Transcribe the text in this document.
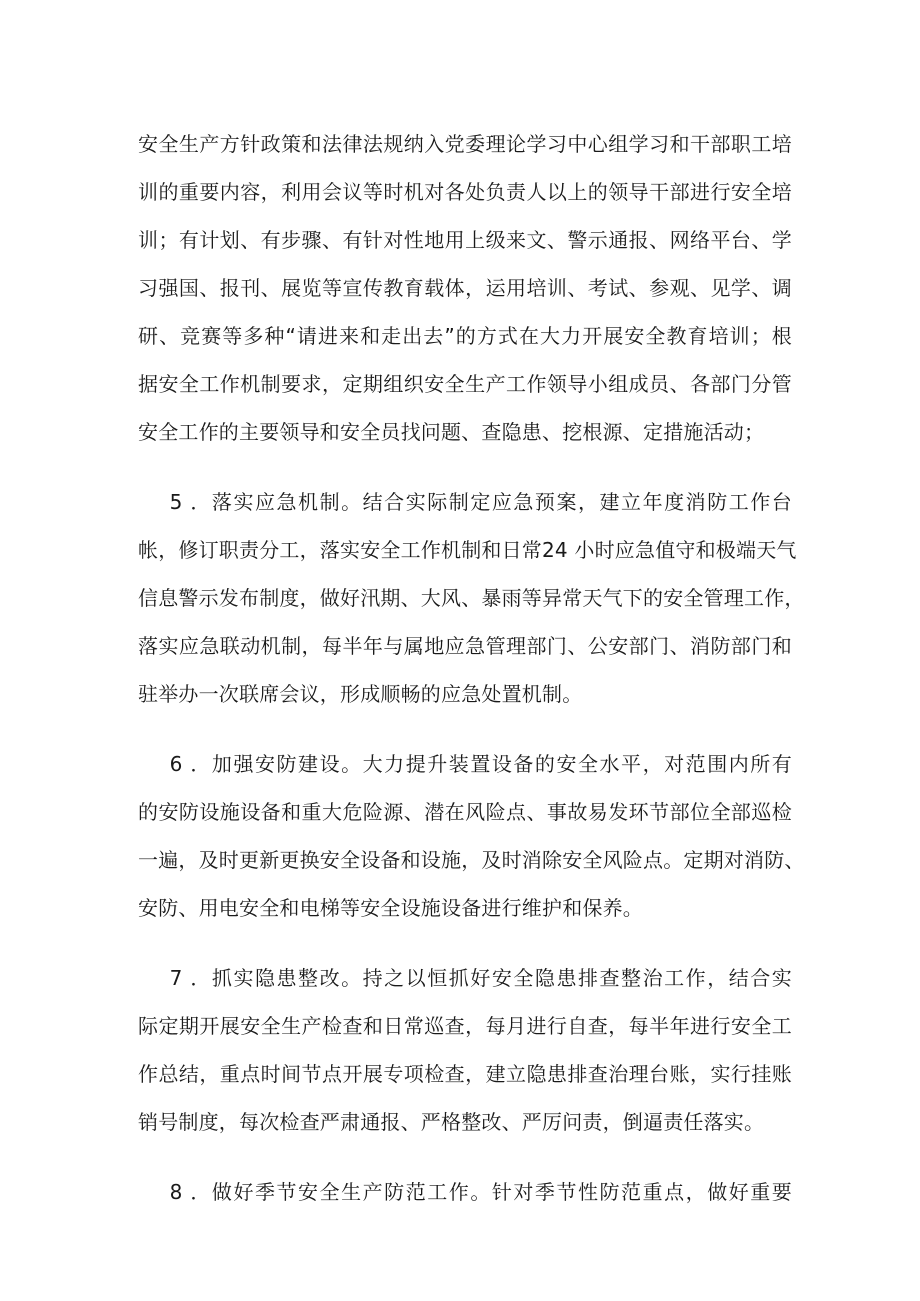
安全生产方针政策和法律法规纳入党委理论学习中心组学习和干部职工培
训的重要内容，利用会议等时机对各处负责人以上的领导干部进行安全培
训；有计划、有步骤、有针对性地用上级来文、警示通报、网络平台、学
习强国、报刊、展览等宣传教育载体，运用培训、考试、参观、见学、调
研、竞赛等多种“请进来和走出去”的方式在大力开展安全教育培训；根
据安全工作机制要求，定期组织安全生产工作领导小组成员、各部门分管
安全工作的主要领导和安全员找问题、查隐患、挖根源、定措施活动；
5 ．落实应急机制。结合实际制定应急预案，建立年度消防工作台
帐，修订职责分工，落实安全工作机制和日常24 小时应急值守和极端天气
信息警示发布制度，做好汛期、大风、暴雨等异常天气下的安全管理工作，
落实应急联动机制，每半年与属地应急管理部门、公安部门、消防部门和
驻举办一次联席会议，形成顺畅的应急处置机制。
6 ．加强安防建设。大力提升装置设备的安全水平，对范围内所有
的安防设施设备和重大危险源、潜在风险点、事故易发环节部位全部巡检
一遍，及时更新更换安全设备和设施，及时消除安全风险点。定期对消防、
安防、用电安全和电梯等安全设施设备进行维护和保养。
7 ．抓实隐患整改。持之以恒抓好安全隐患排查整治工作，结合实
际定期开展安全生产检查和日常巡查，每月进行自查，每半年进行安全工
作总结，重点时间节点开展专项检查，建立隐患排查治理台账，实行挂账
销号制度，每次检查严肃通报、严格整改、严厉问责，倒逼责任落实。
8 ．做好季节安全生产防范工作。针对季节性防范重点，做好重要
